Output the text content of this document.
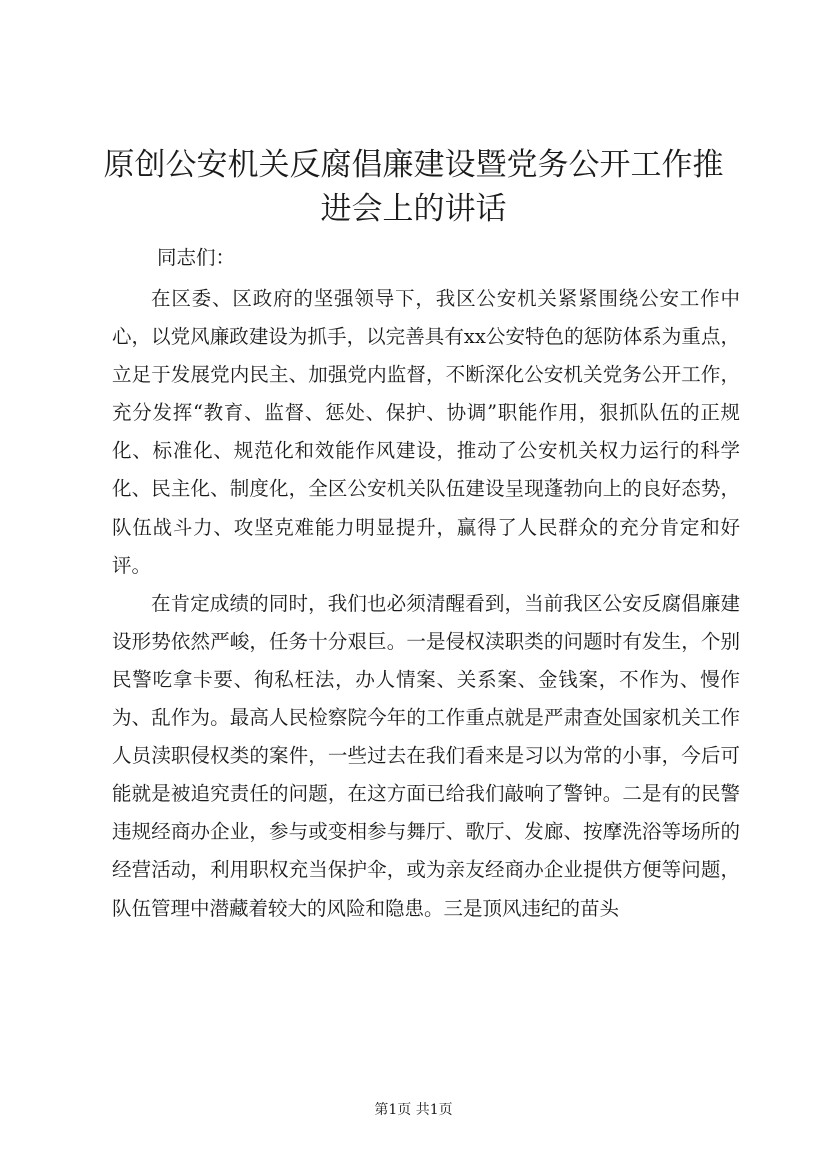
原创公安机关反腐倡廉建设暨党务公开工作推进会上的讲话

同志们：

在区委、区政府的坚强领导下，我区公安机关紧紧围绕公安工作中心，以党风廉政建设为抓手，以完善具有xx公安特色的惩防体系为重点，立足于发展党内民主、加强党内监督，不断深化公安机关党务公开工作，充分发挥“教育、监督、惩处、保护、协调”职能作用，狠抓队伍的正规化、标准化、规范化和效能作风建设，推动了公安机关权力运行的科学化、民主化、制度化，全区公安机关队伍建设呈现蓬勃向上的良好态势，队伍战斗力、攻坚克难能力明显提升，赢得了人民群众的充分肯定和好评。

在肯定成绩的同时，我们也必须清醒看到，当前我区公安反腐倡廉建设形势依然严峻，任务十分艰巨。一是侵权渎职类的问题时有发生，个别民警吃拿卡要、徇私枉法，办人情案、关系案、金钱案，不作为、慢作为、乱作为。最高人民检察院今年的工作重点就是严肃查处国家机关工作人员渎职侵权类的案件，一些过去在我们看来是习以为常的小事，今后可能就是被追究责任的问题，在这方面已给我们敲响了警钟。二是有的民警违规经商办企业，参与或变相参与舞厅、歌厅、发廊、按摩洗浴等场所的经营活动，利用职权充当保护伞，或为亲友经商办企业提供方便等问题，队伍管理中潜藏着较大的风险和隐患。三是顶风违纪的苗头

第1页 共1页
